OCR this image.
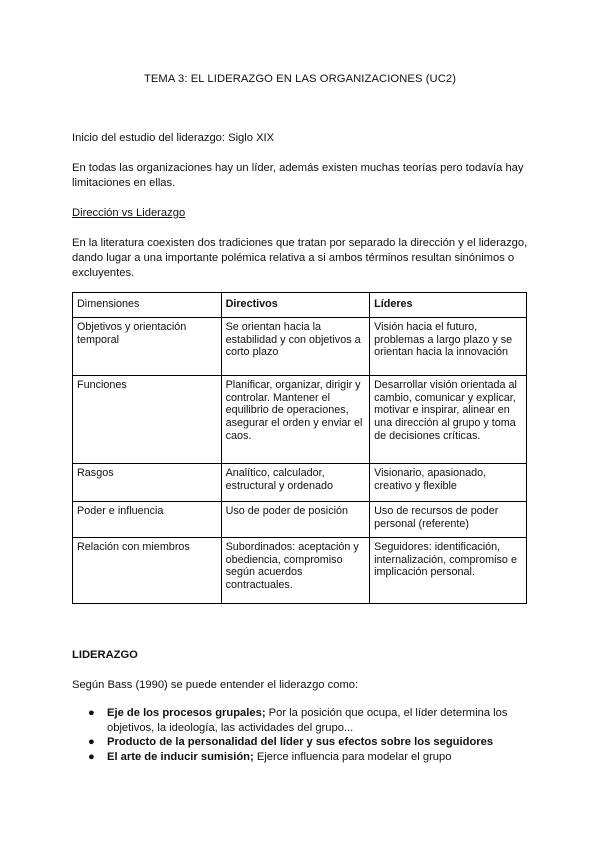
TEMA 3: EL LIDERAZGO EN LAS ORGANIZACIONES (UC2)
Inicio del estudio del liderazgo: Siglo XIX
En todas las organizaciones hay un líder, además existen muchas teorías pero todavía hay limitaciones en ellas.
Dirección vs Liderazgo
En la literatura coexisten dos tradiciones que tratan por separado la dirección y el liderazgo, dando lugar a una importante polémica relativa a si ambos términos resultan sinónimos o excluyentes.
Dimensiones	Directivos	Líderes
Objetivos y orientación temporal	Se orientan hacia la estabilidad y con objetivos a corto plazo	Visión hacia el futuro, problemas a largo plazo y se orientan hacia la innovación
Funciones	Planificar, organizar, dirigir y controlar. Mantener el equilibrio de operaciones, asegurar el orden y enviar el caos.	Desarrollar visión orientada al cambio, comunicar y explicar, motivar e inspirar, alinear en una dirección al grupo y toma de decisiones críticas.
Rasgos	Analítico, calculador, estructural y ordenado	Visionario, apasionado, creativo y flexible
Poder e influencia	Uso de poder de posición	Uso de recursos de poder personal (referente)
Relación con miembros	Subordinados: aceptación y obediencia, compromiso según acuerdos contractuales.	Seguidores: identificación, internalización, compromiso e implicación personal.
LIDERAZGO
Según Bass (1990) se puede entender el liderazgo como:
● Eje de los procesos grupales; Por la posición que ocupa, el líder determina los objetivos, la ideología, las actividades del grupo...
● Producto de la personalidad del líder y sus efectos sobre los seguidores
● El arte de inducir sumisión; Ejerce influencia para modelar el grupo
